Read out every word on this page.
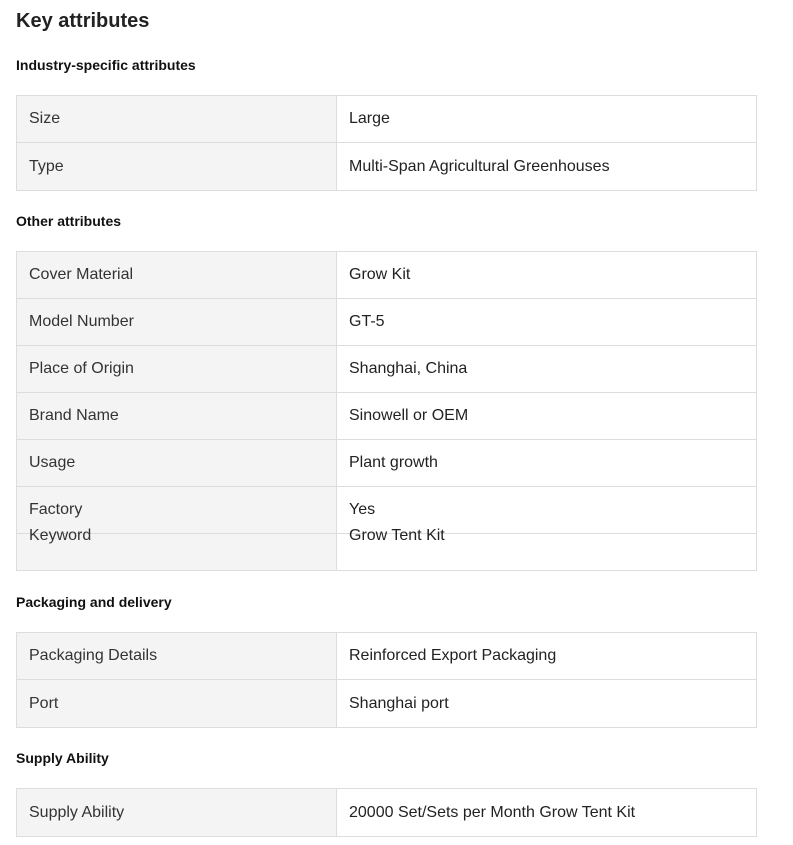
Key attributes
Industry-specific attributes
Size	Large
Type	Multi-Span Agricultural Greenhouses
Other attributes
Cover Material	Grow Kit
Model Number	GT-5
Place of Origin	Shanghai, China
Brand Name	Sinowell or OEM
Usage	Plant growth
Factory	Yes
Keyword	Grow Tent Kit
Packaging and delivery
Packaging Details	Reinforced Export Packaging
Port	Shanghai port
Supply Ability
Supply Ability	20000 Set/Sets per Month Grow Tent Kit
